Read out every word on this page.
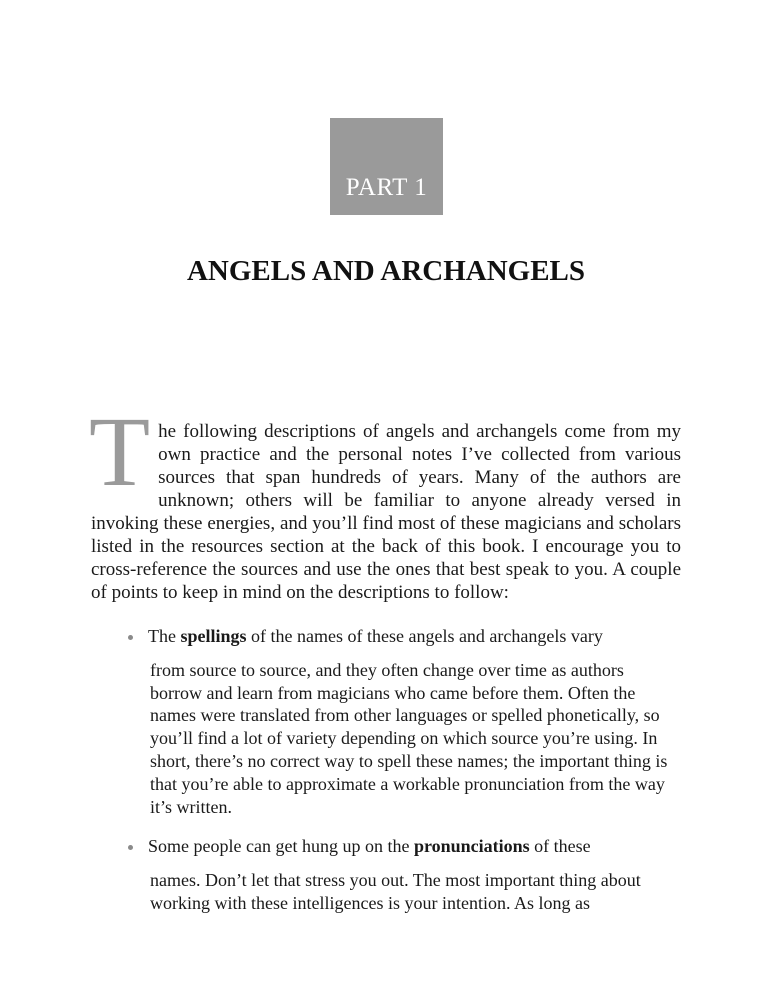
PART 1
ANGELS AND ARCHANGELS

The following descriptions of angels and archangels come from my own practice and the personal notes I’ve collected from various sources that span hundreds of years. Many of the authors are unknown; others will be familiar to anyone already versed in invoking these energies, and you’ll find most of these magicians and scholars listed in the resources section at the back of this book. I encourage you to cross-reference the sources and use the ones that best speak to you. A couple of points to keep in mind on the descriptions to follow:

The spellings of the names of these angels and archangels vary
from source to source, and they often change over time as authors borrow and learn from magicians who came before them. Often the names were translated from other languages or spelled phonetically, so you’ll find a lot of variety depending on which source you’re using. In short, there’s no correct way to spell these names; the important thing is that you’re able to approximate a workable pronunciation from the way it’s written.
Some people can get hung up on the pronunciations of these
names. Don’t let that stress you out. The most important thing about working with these intelligences is your intention. As long as
